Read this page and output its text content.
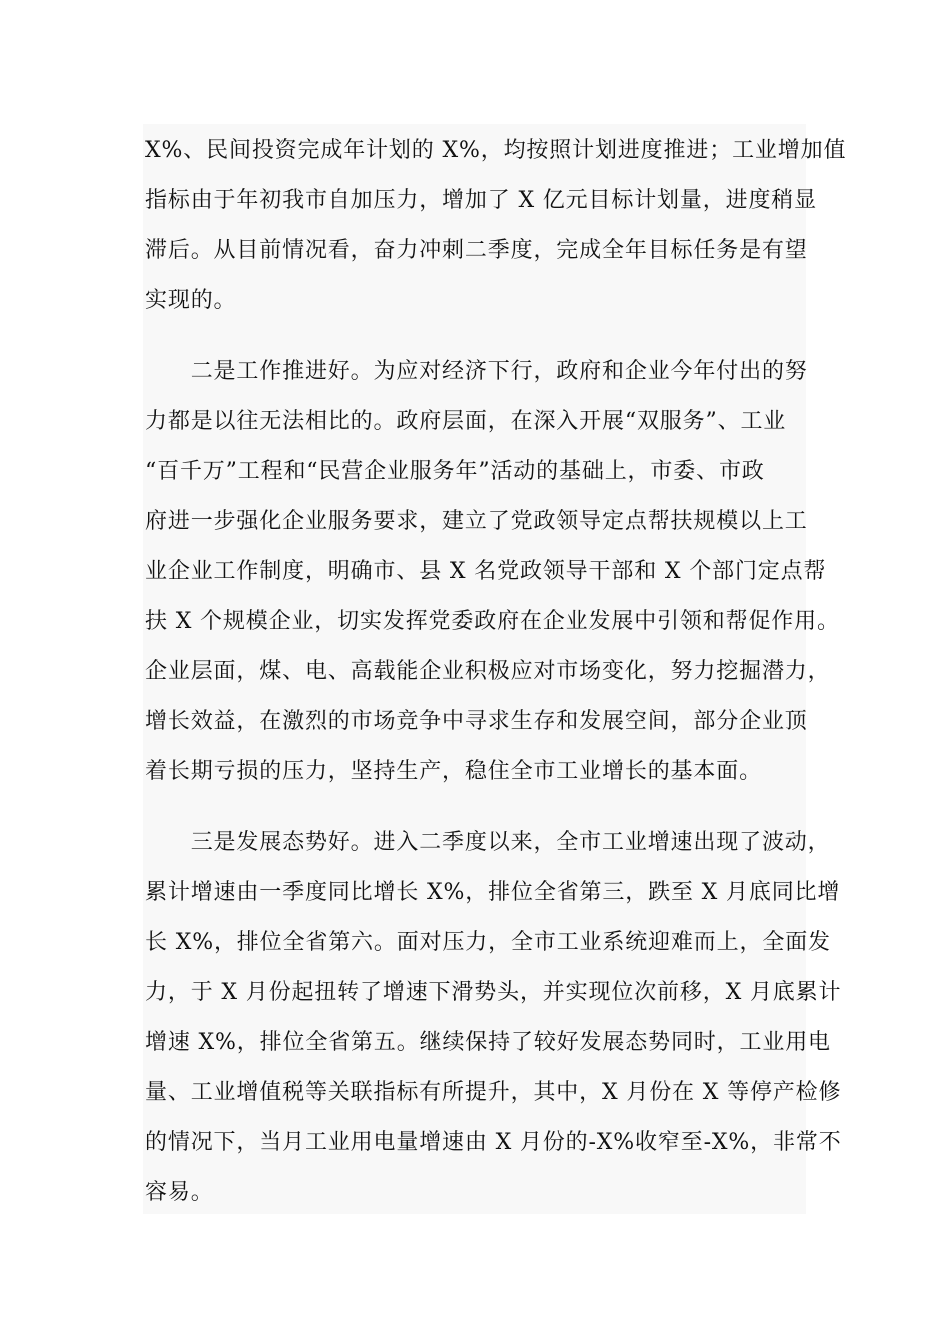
X%、民间投资完成年计划的 X%，均按照计划进度推进；工业增加值
指标由于年初我市自加压力，增加了 X 亿元目标计划量，进度稍显
滞后。从目前情况看，奋力冲刺二季度，完成全年目标任务是有望
实现的。
　　二是工作推进好。为应对经济下行，政府和企业今年付出的努
力都是以往无法相比的。政府层面，在深入开展“双服务”、工业
“百千万”工程和“民营企业服务年”活动的基础上，市委、市政
府进一步强化企业服务要求，建立了党政领导定点帮扶规模以上工
业企业工作制度，明确市、县 X 名党政领导干部和 X 个部门定点帮
扶 X 个规模企业，切实发挥党委政府在企业发展中引领和帮促作用。
企业层面，煤、电、高载能企业积极应对市场变化，努力挖掘潜力，
增长效益，在激烈的市场竞争中寻求生存和发展空间，部分企业顶
着长期亏损的压力，坚持生产，稳住全市工业增长的基本面。
　　三是发展态势好。进入二季度以来，全市工业增速出现了波动，
累计增速由一季度同比增长 X%，排位全省第三，跌至 X 月底同比增
长 X%，排位全省第六。面对压力，全市工业系统迎难而上，全面发
力，于 X 月份起扭转了增速下滑势头，并实现位次前移，X 月底累计
增速 X%，排位全省第五。继续保持了较好发展态势同时，工业用电
量、工业增值税等关联指标有所提升，其中，X 月份在 X 等停产检修
的情况下，当月工业用电量增速由 X 月份的-X%收窄至-X%，非常不
容易。
